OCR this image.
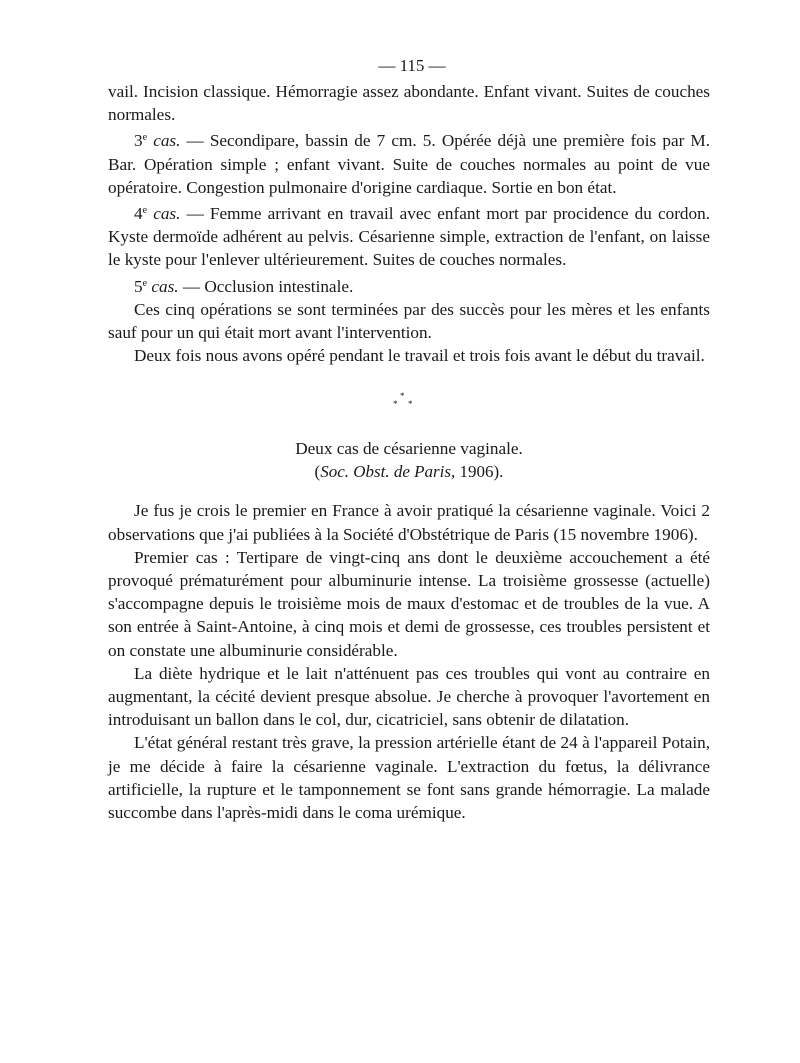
— 115 —

vail. Incision classique. Hémorragie assez abondante. Enfant vivant. Suites de couches normales.

3e cas. — Secondipare, bassin de 7 cm. 5. Opérée déjà une première fois par M. Bar. Opération simple ; enfant vivant. Suite de couches normales au point de vue opératoire. Congestion pulmonaire d'origine cardiaque. Sortie en bon état.

4e cas. — Femme arrivant en travail avec enfant mort par procidence du cordon. Kyste dermoïde adhérent au pelvis. Césarienne simple, extraction de l'enfant, on laisse le kyste pour l'enlever ultérieurement. Suites de couches normales.

5e cas. — Occlusion intestinale.

Ces cinq opérations se sont terminées par des succès pour les mères et les enfants sauf pour un qui était mort avant l'intervention.

Deux fois nous avons opéré pendant le travail et trois fois avant le début du travail.

*
* *

Deux cas de césarienne vaginale.

(Soc. Obst. de Paris, 1906).

Je fus je crois le premier en France à avoir pratiqué la césarienne vaginale. Voici 2 observations que j'ai publiées à la Société d'Obstétrique de Paris (15 novembre 1906).

Premier cas : Tertipare de vingt-cinq ans dont le deuxième accouchement a été provoqué prématurément pour albuminurie intense. La troisième grossesse (actuelle) s'accompagne depuis le troisième mois de maux d'estomac et de troubles de la vue. A son entrée à Saint-Antoine, à cinq mois et demi de grossesse, ces troubles persistent et on constate une albuminurie considérable.

La diète hydrique et le lait n'atténuent pas ces troubles qui vont au contraire en augmentant, la cécité devient presque absolue. Je cherche à provoquer l'avortement en introduisant un ballon dans le col, dur, cicatriciel, sans obtenir de dilatation.

L'état général restant très grave, la pression artérielle étant de 24 à l'appareil Potain, je me décide à faire la césarienne vaginale. L'extraction du fœtus, la délivrance artificielle, la rupture et le tamponnement se font sans grande hémorragie. La malade succombe dans l'après-midi dans le coma urémique.
